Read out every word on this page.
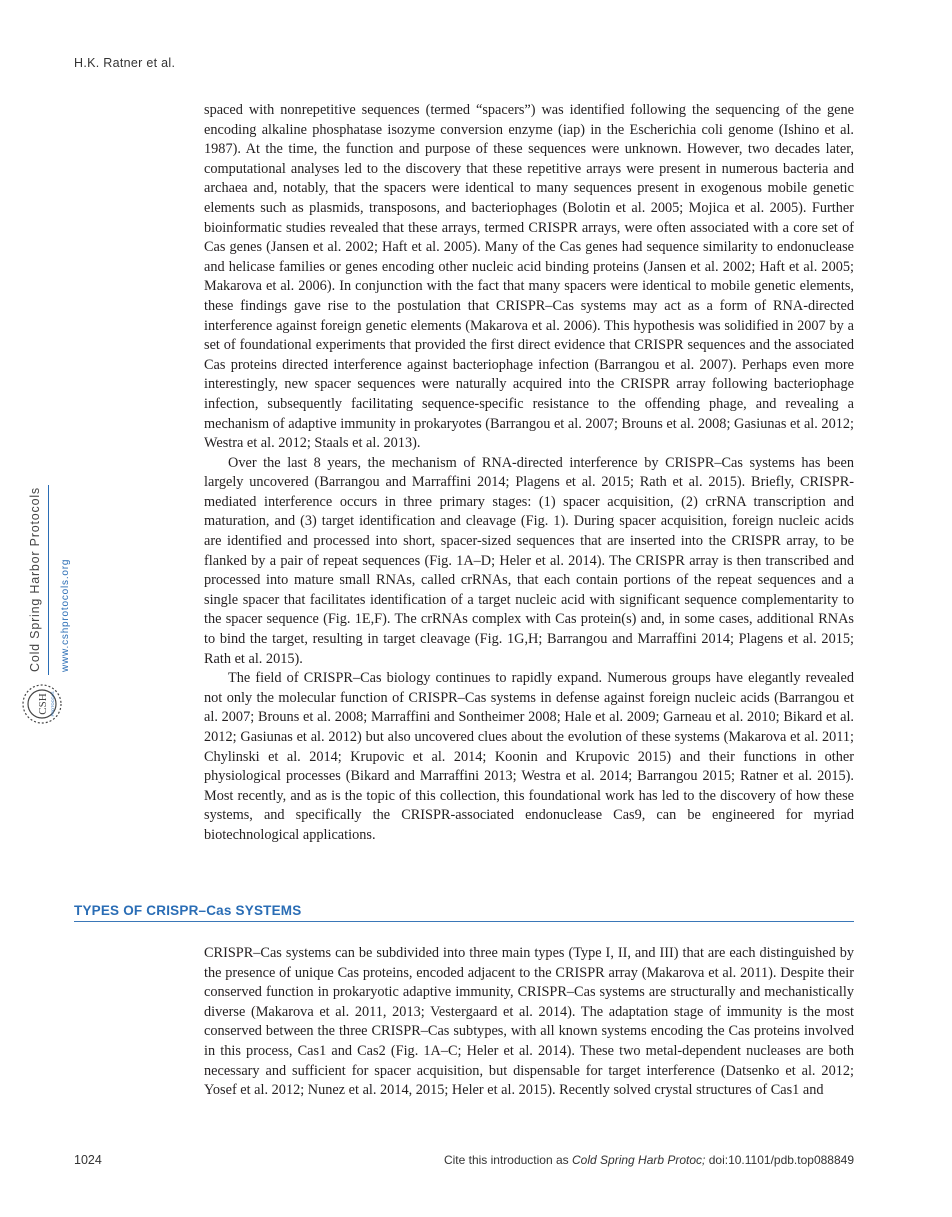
H.K. Ratner et al.
Cold Spring Harbor Protocols www.cshprotocols.org
CSH PROTOCOLS

spaced with nonrepetitive sequences (termed “spacers”) was identified following the sequencing of the gene encoding alkaline phosphatase isozyme conversion enzyme (iap) in the Escherichia coli genome (Ishino et al. 1987). At the time, the function and purpose of these sequences were unknown. However, two decades later, computational analyses led to the discovery that these repetitive arrays were present in numerous bacteria and archaea and, notably, that the spacers were identical to many sequences present in exogenous mobile genetic elements such as plasmids, transposons, and bacteriophages (Bolotin et al. 2005; Mojica et al. 2005). Further bioinformatic studies revealed that these arrays, termed CRISPR arrays, were often associated with a core set of Cas genes (Jansen et al. 2002; Haft et al. 2005). Many of the Cas genes had sequence similarity to endonuclease and helicase families or genes encoding other nucleic acid binding proteins (Jansen et al. 2002; Haft et al. 2005; Makarova et al. 2006). In conjunction with the fact that many spacers were identical to mobile genetic elements, these findings gave rise to the postulation that CRISPR–Cas systems may act as a form of RNA-directed interference against foreign genetic elements (Makarova et al. 2006). This hypothesis was solidified in 2007 by a set of foundational experiments that provided the first direct evidence that CRISPR sequences and the associated Cas proteins directed interference against bacteriophage infection (Barrangou et al. 2007). Perhaps even more interestingly, new spacer sequences were naturally acquired into the CRISPR array following bacteriophage infection, subsequently facilitating sequence-specific resistance to the offending phage, and revealing a mechanism of adaptive immunity in prokaryotes (Barrangou et al. 2007; Brouns et al. 2008; Gasiunas et al. 2012; Westra et al. 2012; Staals et al. 2013).

Over the last 8 years, the mechanism of RNA-directed interference by CRISPR–Cas systems has been largely uncovered (Barrangou and Marraffini 2014; Plagens et al. 2015; Rath et al. 2015). Briefly, CRISPR-mediated interference occurs in three primary stages: (1) spacer acquisition, (2) crRNA transcription and maturation, and (3) target identification and cleavage (Fig. 1). During spacer acquisition, foreign nucleic acids are identified and processed into short, spacer-sized sequences that are inserted into the CRISPR array, to be flanked by a pair of repeat sequences (Fig. 1A–D; Heler et al. 2014). The CRISPR array is then transcribed and processed into mature small RNAs, called crRNAs, that each contain portions of the repeat sequences and a single spacer that facilitates identification of a target nucleic acid with significant sequence complementarity to the spacer sequence (Fig. 1E,F). The crRNAs complex with Cas protein(s) and, in some cases, additional RNAs to bind the target, resulting in target cleavage (Fig. 1G,H; Barrangou and Marraffini 2014; Plagens et al. 2015; Rath et al. 2015).

The field of CRISPR–Cas biology continues to rapidly expand. Numerous groups have elegantly revealed not only the molecular function of CRISPR–Cas systems in defense against foreign nucleic acids (Barrangou et al. 2007; Brouns et al. 2008; Marraffini and Sontheimer 2008; Hale et al. 2009; Garneau et al. 2010; Bikard et al. 2012; Gasiunas et al. 2012) but also uncovered clues about the evolution of these systems (Makarova et al. 2011; Chylinski et al. 2014; Krupovic et al. 2014; Koonin and Krupovic 2015) and their functions in other physiological processes (Bikard and Marraffini 2013; Westra et al. 2014; Barrangou 2015; Ratner et al. 2015). Most recently, and as is the topic of this collection, this foundational work has led to the discovery of how these systems, and specifically the CRISPR-associated endonuclease Cas9, can be engineered for myriad biotechnological applications.

TYPES OF CRISPR–Cas SYSTEMS

CRISPR–Cas systems can be subdivided into three main types (Type I, II, and III) that are each distinguished by the presence of unique Cas proteins, encoded adjacent to the CRISPR array (Makarova et al. 2011). Despite their conserved function in prokaryotic adaptive immunity, CRISPR–Cas systems are structurally and mechanistically diverse (Makarova et al. 2011, 2013; Vestergaard et al. 2014). The adaptation stage of immunity is the most conserved between the three CRISPR–Cas subtypes, with all known systems encoding the Cas proteins involved in this process, Cas1 and Cas2 (Fig. 1A–C; Heler et al. 2014). These two metal-dependent nucleases are both necessary and sufficient for spacer acquisition, but dispensable for target interference (Datsenko et al. 2012; Yosef et al. 2012; Nunez et al. 2014, 2015; Heler et al. 2015). Recently solved crystal structures of Cas1 and

1024	Cite this introduction as Cold Spring Harb Protoc; doi:10.1101/pdb.top088849
